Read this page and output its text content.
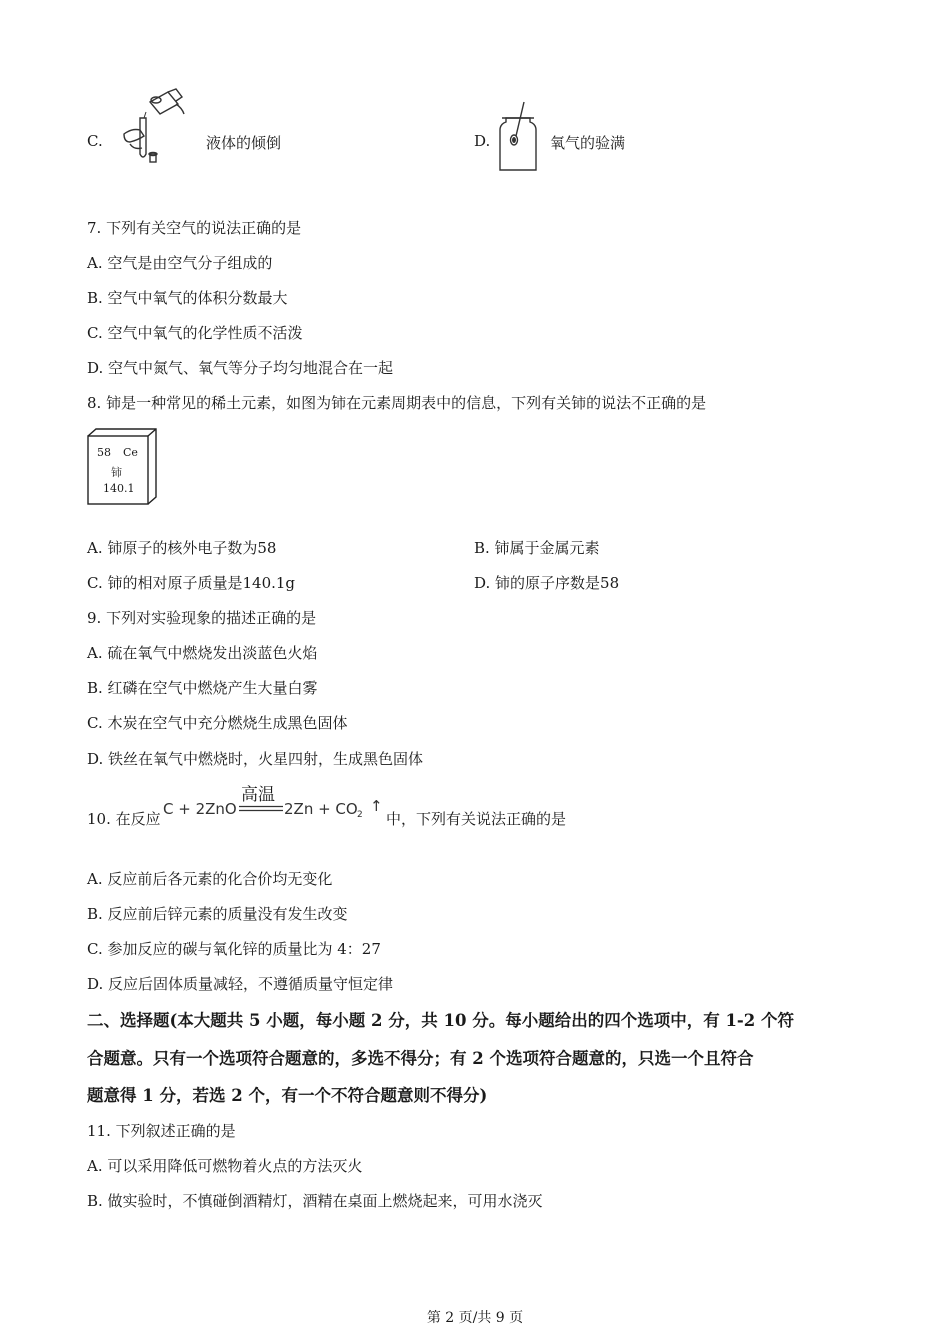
C.	液体的倾倒	D.	氧气的验满
7. 下列有关空气的说法正确的是
A. 空气是由空气分子组成的
B. 空气中氧气的体积分数最大
C. 空气中氧气的化学性质不活泼
D. 空气中氮气、氧气等分子均匀地混合在一起
8. 铈是一种常见的稀土元素，如图为铈在元素周期表中的信息，下列有关铈的说法不正确的是
58 Ce
铈
140.1
A. 铈原子的核外电子数为58	B. 铈属于金属元素
C. 铈的相对原子质量是140.1g	D. 铈的原子序数是58
9. 下列对实验现象的描述正确的是
A. 硫在氧气中燃烧发出淡蓝色火焰
B. 红磷在空气中燃烧产生大量白雾
C. 木炭在空气中充分燃烧生成黑色固体
D. 铁丝在氧气中燃烧时，火星四射，生成黑色固体
10. 在反应
C + 2ZnO
高温
2Zn + CO 2 ↑
中，下列有关说法正确的是
A. 反应前后各元素的化合价均无变化
B. 反应前后锌元素的质量没有发生改变
C. 参加反应的碳与氧化锌的质量比为 4：27
D. 反应后固体质量减轻，不遵循质量守恒定律
二、选择题(本大题共 5 小题，每小题 2 分，共 10 分。每小题给出的四个选项中，有 1-2 个符
合题意。只有一个选项符合题意的，多选不得分；有 2 个选项符合题意的，只选一个且符合
题意得 1 分，若选 2 个，有一个不符合题意则不得分)
11. 下列叙述正确的是
A. 可以采用降低可燃物着火点的方法灭火
B. 做实验时，不慎碰倒酒精灯，酒精在桌面上燃烧起来，可用水浇灭
第 2 页/共 9 页
